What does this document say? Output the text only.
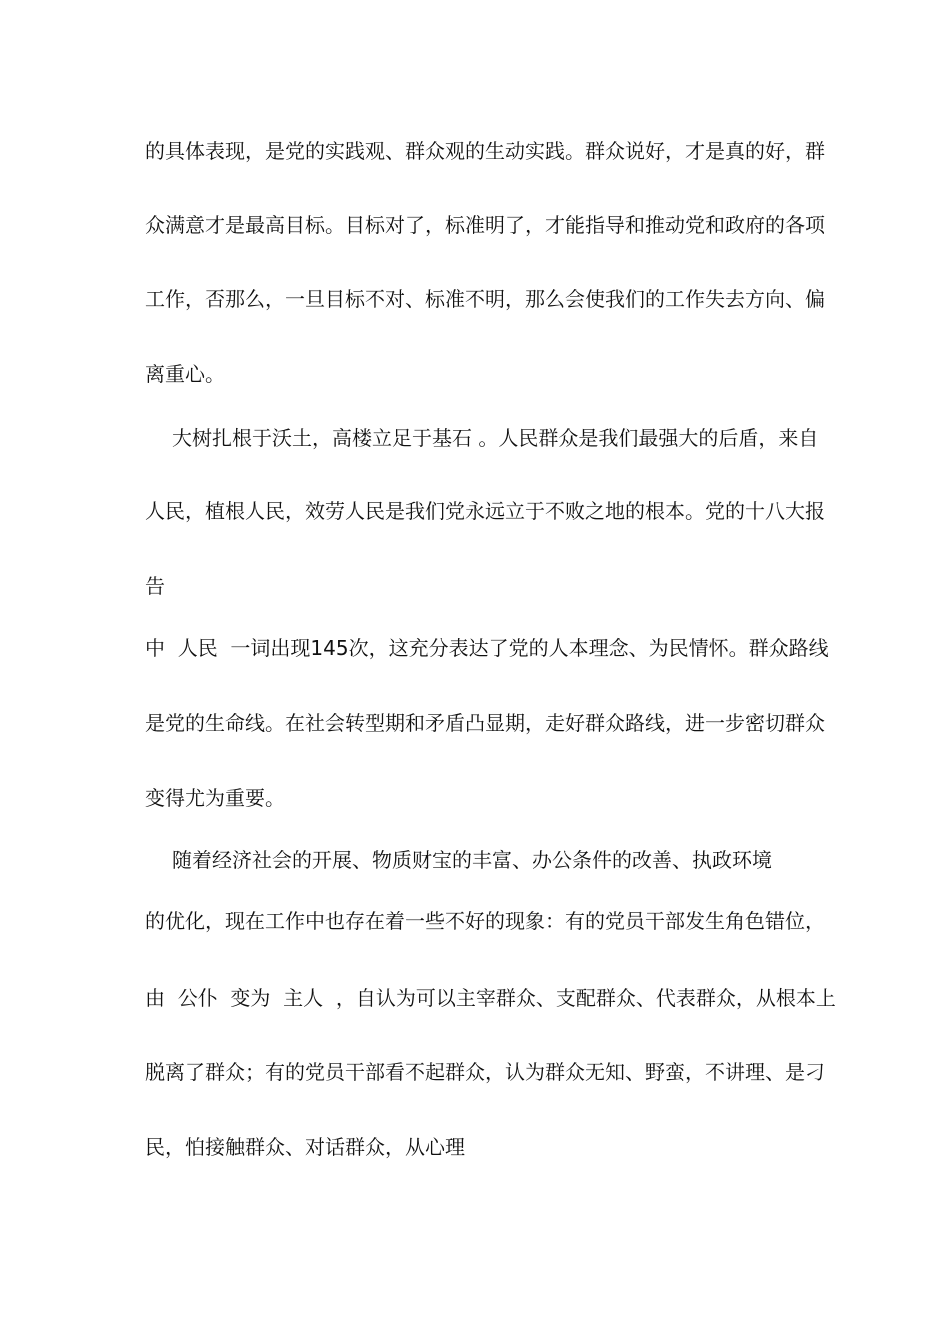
的具体表现，是党的实践观、群众观的生动实践。群众说好，才是真的好，群
众满意才是最高目标。目标对了，标准明了，才能指导和推动党和政府的各项
工作，否那么，一旦目标不对、标准不明，那么会使我们的工作失去方向、偏
离重心。
大树扎根于沃土，高楼立足于基石 。人民群众是我们最强大的后盾，来自
人民，植根人民，效劳人民是我们党永远立于不败之地的根本。党的十八大报
告
中  人民  一词出现145次，这充分表达了党的人本理念、为民情怀。群众路线
是党的生命线。在社会转型期和矛盾凸显期，走好群众路线，进一步密切群众
变得尤为重要。
随着经济社会的开展、物质财宝的丰富、办公条件的改善、执政环境
的优化，现在工作中也存在着一些不好的现象：有的党员干部发生角色错位，
由  公仆  变为  主人  ，自认为可以主宰群众、支配群众、代表群众，从根本上
脱离了群众；有的党员干部看不起群众，认为群众无知、野蛮，不讲理、是刁
民，怕接触群众、对话群众，从心理
